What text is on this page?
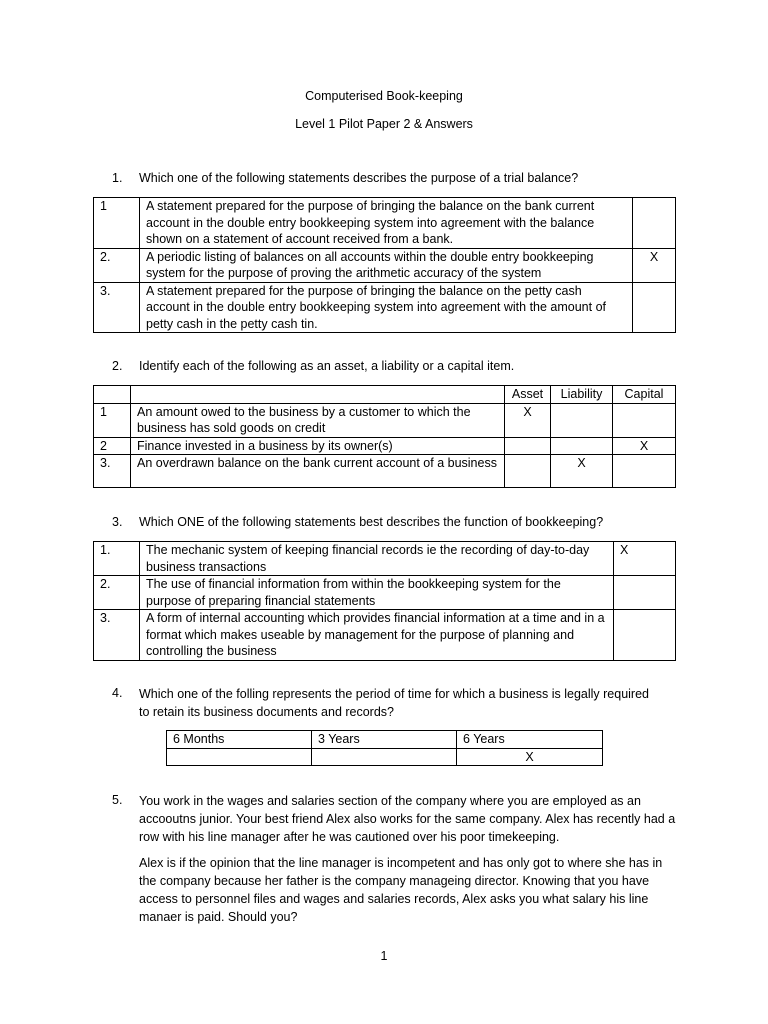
Computerised Book-keeping
Level 1 Pilot Paper 2 & Answers
1. Which one of the following statements describes the purpose of a trial balance?
1	A statement prepared for the purpose of bringing the balance on the bank current account in the double entry bookkeeping system into agreement with the balance shown on a statement of account received from a bank.	
2.	A periodic listing of balances on all accounts within the double entry bookkeeping system for the purpose of proving the arithmetic accuracy of the system	X
3.	A statement prepared for the purpose of bringing the balance on the petty cash account in the double entry bookkeeping system into agreement with the amount of petty cash in the petty cash tin.	
2. Identify each of the following as an asset, a liability or a capital item.
		Asset	Liability	Capital
1	An amount owed to the business by a customer to which the business has sold goods on credit	X		
2	Finance invested in a business by its owner(s)			X
3.	An overdrawn balance on the bank current account of a business		X	
3. Which ONE of the following statements best describes the function of bookkeeping?
1.	The mechanic system of keeping financial records ie the recording of day-to-day business transactions	X
2.	The use of financial information from within the bookkeeping system for the purpose of preparing financial statements	
3.	A form of internal accounting which provides financial information at a time and in a format which makes useable by management for the purpose of planning and controlling the business	
4. Which one of the folling represents the period of time for which a business is legally required to retain its business documents and records?
6 Months	3 Years	6 Years
		X
5. You work in the wages and salaries section of the company where you are employed as an accooutns junior. Your best friend Alex also works for the same company. Alex has recently had a row with his line manager after he was cautioned over his poor timekeeping.

Alex is if the opinion that the line manager is incompetent and has only got to where she has in the company because her father is the company manageing director. Knowing that you have access to personnel files and wages and salaries records, Alex asks you what salary his line manaer is paid. Should you?

1
